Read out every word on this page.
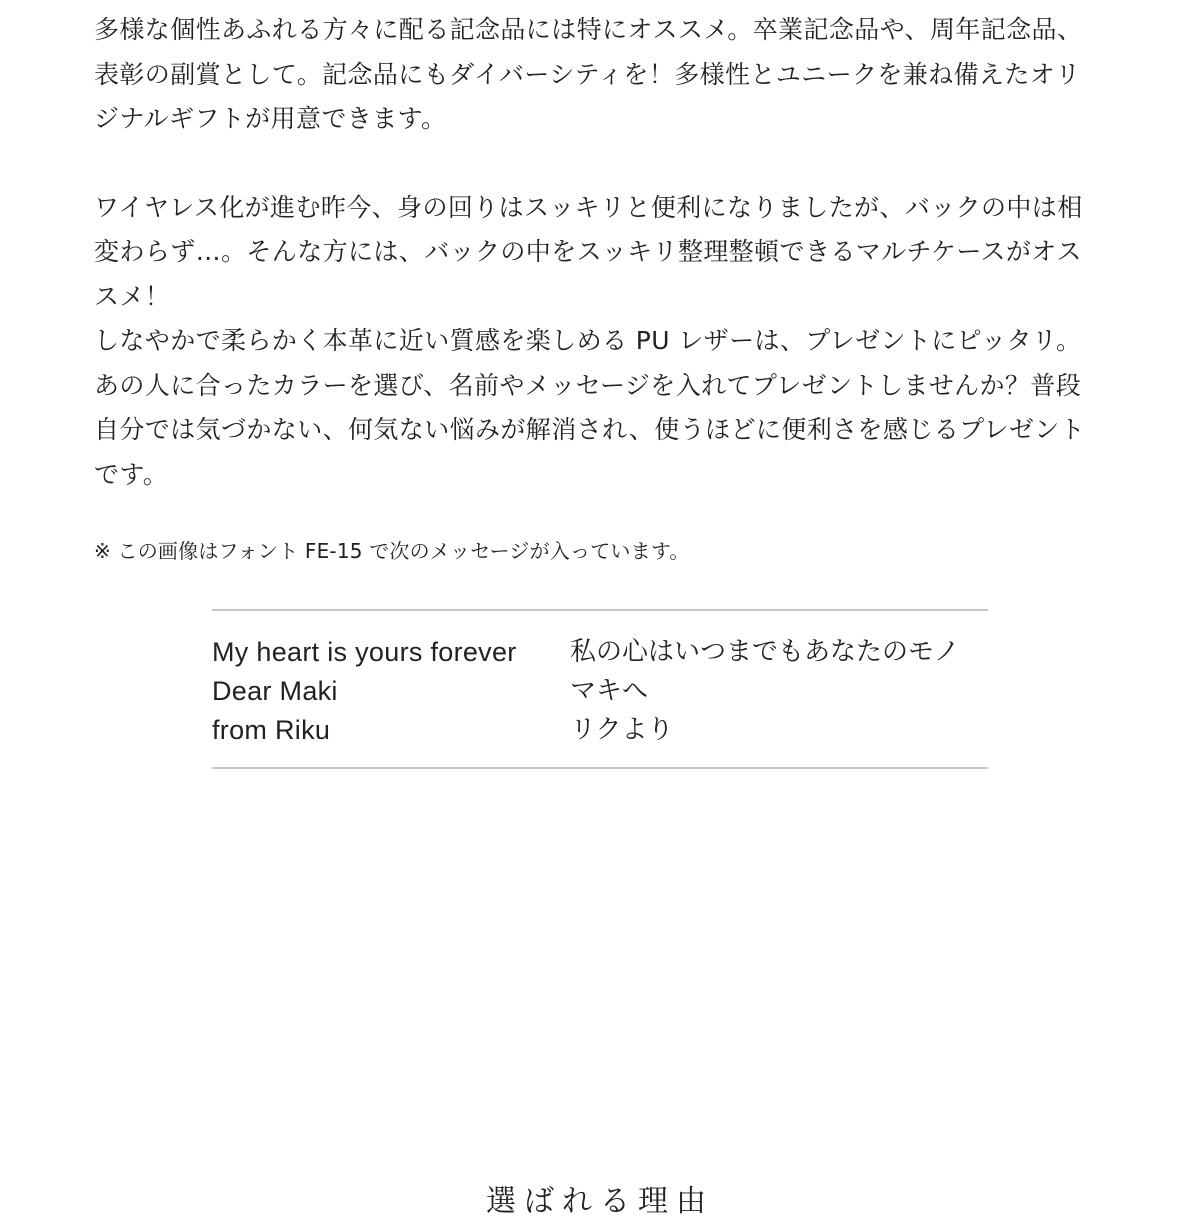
多様な個性あふれる方々に配る記念品には特にオススメ。卒業記念品や、周年記念品、表彰の副賞として。記念品にもダイバーシティを！多様性とユニークを兼ね備えたオリジナルギフトが用意できます。

ワイヤレス化が進む昨今、身の回りはスッキリと便利になりましたが、バックの中は相変わらず…。そんな方には、バックの中をスッキリ整理整頓できるマルチケースがオススメ！

しなやかで柔らかく本革に近い質感を楽しめる PU レザーは、プレゼントにピッタリ。あの人に合ったカラーを選び、名前やメッセージを入れてプレゼントしませんか？普段自分では気づかない、何気ない悩みが解消され、使うほどに便利さを感じるプレゼントです。

※ この画像はフォント FE-15 で次のメッセージが入っています。
My heart is yours forever
Dear Maki
from Riku
私の心はいつまでもあなたのモノ
マキへ
リクより
選ばれる理由
